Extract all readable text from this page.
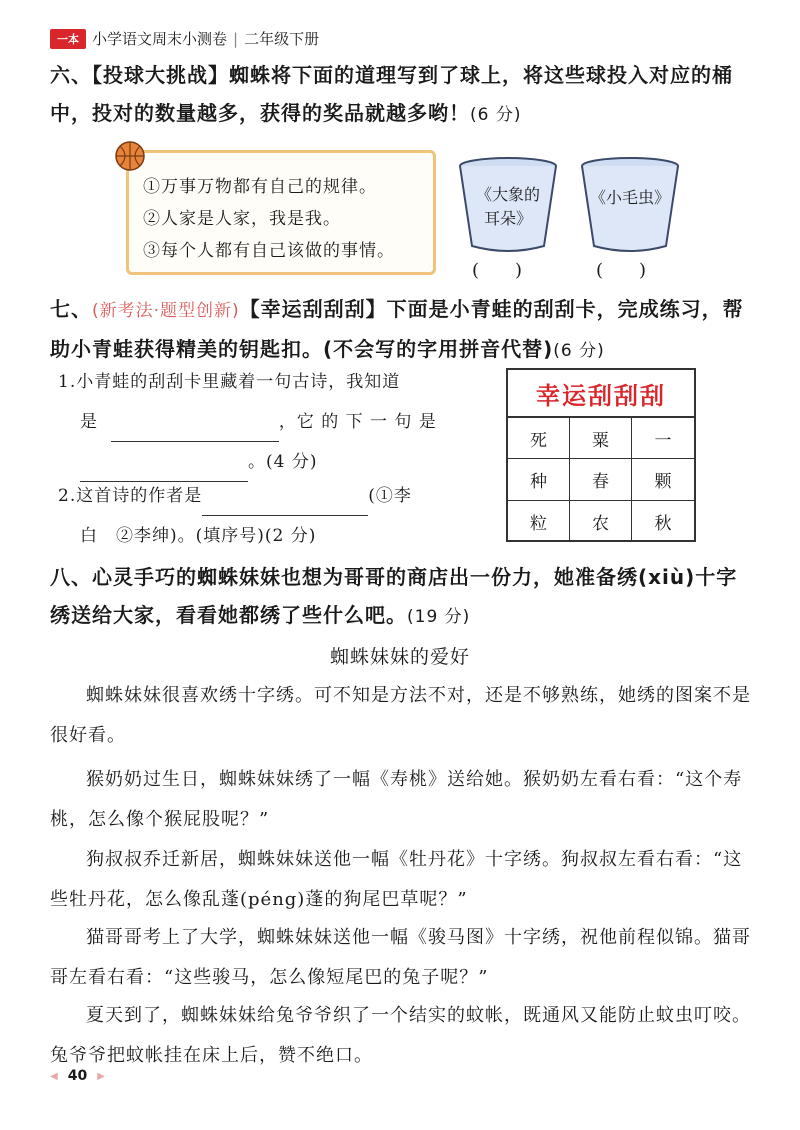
一本 小学语文周末小测卷 | 二年级下册
六、【投球大挑战】蜘蛛将下面的道理写到了球上，将这些球投入对应的桶中，投对的数量越多，获得的奖品就越多哟！(6 分)
①万事万物都有自己的规律。
②人家是人家，我是我。
③每个人都有自己该做的事情。
《大象的
耳朵》
《小毛虫》
(　　)	(　　)
七、(新考法·题型创新)【幸运刮刮刮】下面是小青蛙的刮刮卡，完成练习，帮助小青蛙获得精美的钥匙扣。(不会写的字用拼音代替)(6 分)
1.小青蛙的刮刮卡里藏着一句古诗，我知道
是	，它 的 下 一 句 是
。(4 分)
2.这首诗的作者是	(①李
白　②李绅)。(填序号)(2 分)
幸运刮刮刮
死	粟	一
种	春	颗
粒	农	秋
八、心灵手巧的蜘蛛妹妹也想为哥哥的商店出一份力，她准备绣(xiù)十字绣送给大家，看看她都绣了些什么吧。(19 分)
蜘蛛妹妹的爱好
蜘蛛妹妹很喜欢绣十字绣。可不知是方法不对，还是不够熟练，她绣的图案不是很好看。
猴奶奶过生日，蜘蛛妹妹绣了一幅《寿桃》送给她。猴奶奶左看右看：“这个寿桃，怎么像个猴屁股呢？”
狗叔叔乔迁新居，蜘蛛妹妹送他一幅《牡丹花》十字绣。狗叔叔左看右看：“这些牡丹花，怎么像乱蓬(péng)蓬的狗尾巴草呢？”
猫哥哥考上了大学，蜘蛛妹妹送他一幅《骏马图》十字绣，祝他前程似锦。猫哥哥左看右看：“这些骏马，怎么像短尾巴的兔子呢？”
夏天到了，蜘蛛妹妹给兔爷爷织了一个结实的蚊帐，既通风又能防止蚊虫叮咬。兔爷爷把蚊帐挂在床上后，赞不绝口。
◀ 40 ▶
